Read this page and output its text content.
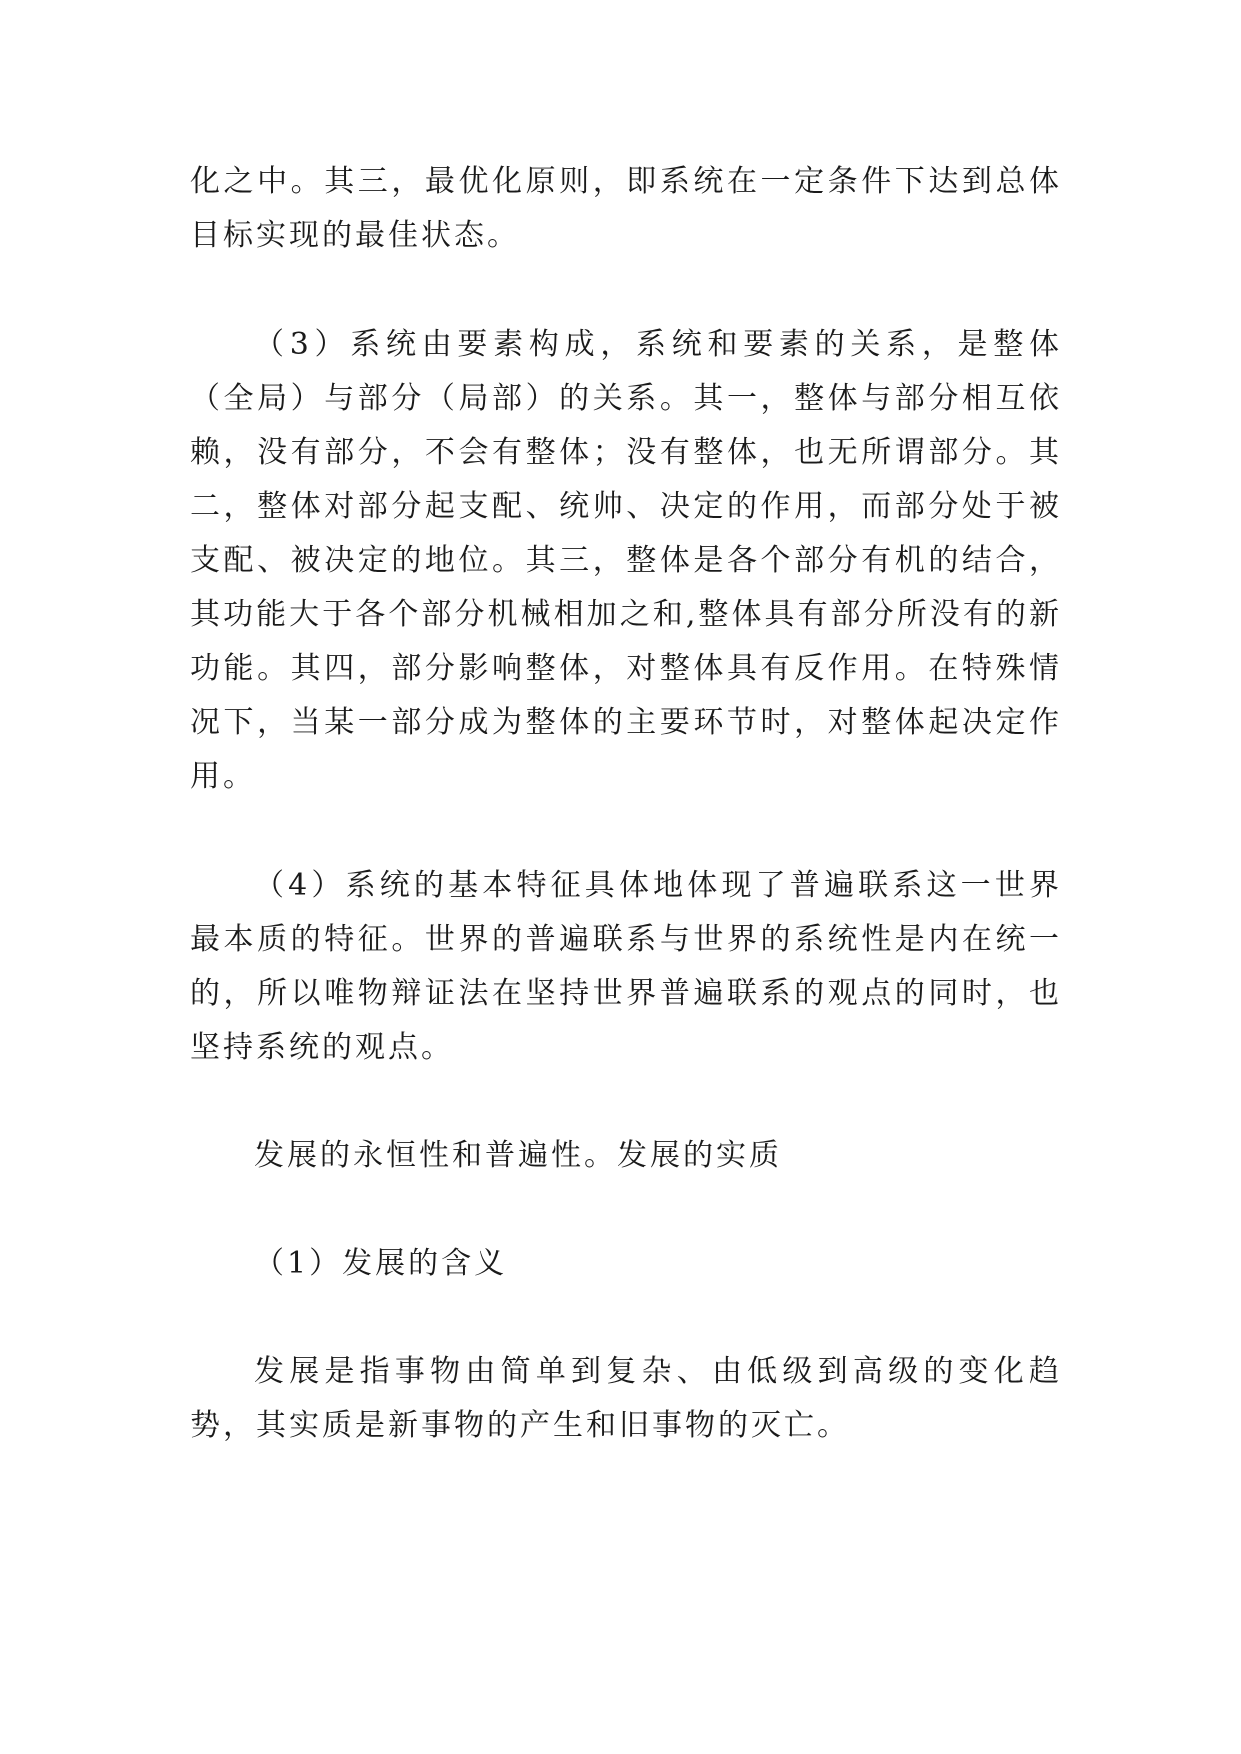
化之中。其三，最优化原则，即系统在一定条件下达到总体目标实现的最佳状态。

（3）系统由要素构成，系统和要素的关系，是整体（全局）与部分（局部）的关系。其一，整体与部分相互依赖，没有部分，不会有整体；没有整体，也无所谓部分。其二，整体对部分起支配、统帅、决定的作用，而部分处于被支配、被决定的地位。其三，整体是各个部分有机的结合，其功能大于各个部分机械相加之和,整体具有部分所没有的新功能。其四，部分影响整体，对整体具有反作用。在特殊情况下，当某一部分成为整体的主要环节时，对整体起决定作用。

（4）系统的基本特征具体地体现了普遍联系这一世界最本质的特征。世界的普遍联系与世界的系统性是内在统一的，所以唯物辩证法在坚持世界普遍联系的观点的同时，也坚持系统的观点。

发展的永恒性和普遍性。发展的实质

（1）发展的含义

发展是指事物由简单到复杂、由低级到高级的变化趋势，其实质是新事物的产生和旧事物的灭亡。
